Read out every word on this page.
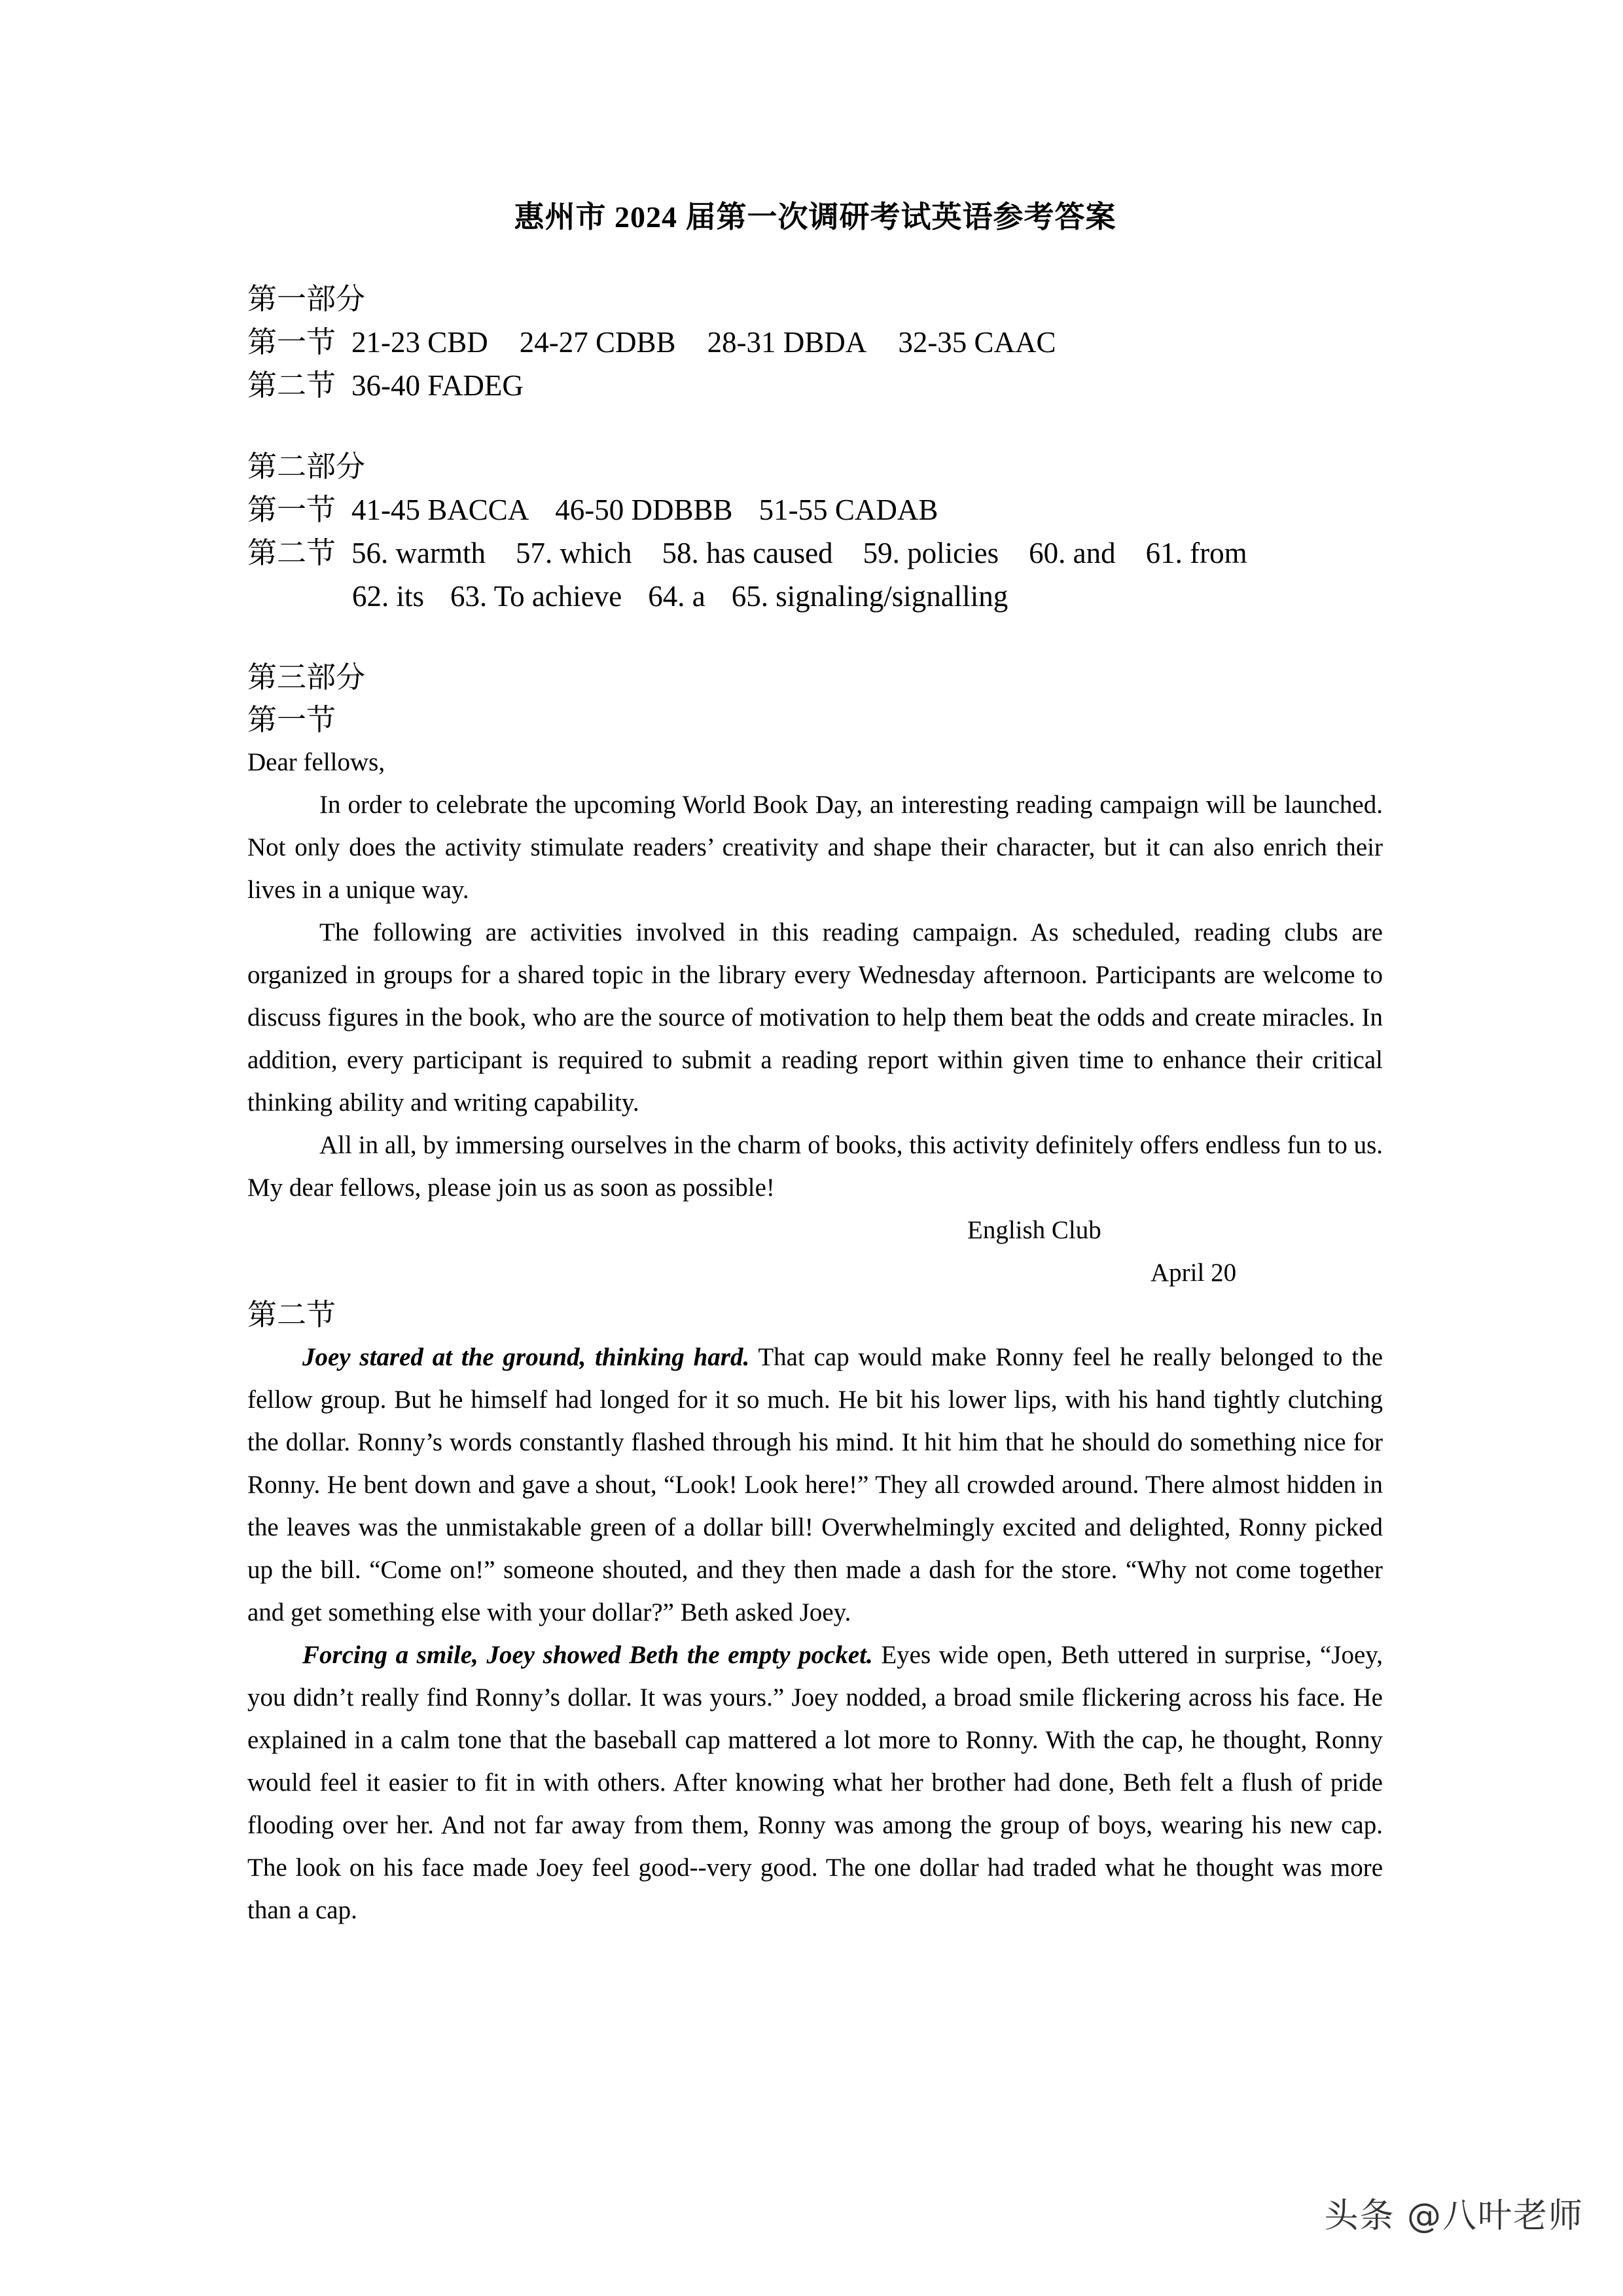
惠州市 2024 届第一次调研考试英语参考答案

第一部分

第一节 21-23 CBD 24-27 CDBB 28-31 DBDA 32-35 CAAC

第二节 36-40 FADEG

第二部分

第一节 41-45 BACCA 46-50 DDBBB 51-55 CADAB

第二节 56. warmth 57. which 58. has caused 59. policies 60. and 61. from

62. its 63. To achieve 64. a 65. signaling/signalling

第三部分

第一节

Dear fellows,

In order to celebrate the upcoming World Book Day, an interesting reading campaign will be launched. Not only does the activity stimulate readers’ creativity and shape their character, but it can also enrich their lives in a unique way.

The following are activities involved in this reading campaign. As scheduled, reading clubs are organized in groups for a shared topic in the library every Wednesday afternoon. Participants are welcome to discuss figures in the book, who are the source of motivation to help them beat the odds and create miracles. In addition, every participant is required to submit a reading report within given time to enhance their critical thinking ability and writing capability.

All in all, by immersing ourselves in the charm of books, this activity definitely offers endless fun to us. My dear fellows, please join us as soon as possible!

English Club

April 20

第二节

Joey stared at the ground, thinking hard. That cap would make Ronny feel he really belonged to the fellow group. But he himself had longed for it so much. He bit his lower lips, with his hand tightly clutching the dollar. Ronny’s words constantly flashed through his mind. It hit him that he should do something nice for Ronny. He bent down and gave a shout, “Look! Look here!” They all crowded around. There almost hidden in the leaves was the unmistakable green of a dollar bill! Overwhelmingly excited and delighted, Ronny picked up the bill. “Come on!” someone shouted, and they then made a dash for the store. “Why not come together and get something else with your dollar?” Beth asked Joey.

Forcing a smile, Joey showed Beth the empty pocket. Eyes wide open, Beth uttered in surprise, “Joey, you didn’t really find Ronny’s dollar. It was yours.” Joey nodded, a broad smile flickering across his face. He explained in a calm tone that the baseball cap mattered a lot more to Ronny. With the cap, he thought, Ronny would feel it easier to fit in with others. After knowing what her brother had done, Beth felt a flush of pride flooding over her. And not far away from them, Ronny was among the group of boys, wearing his new cap. The look on his face made Joey feel good--very good. The one dollar had traded what he thought was more than a cap.

头条 @八叶老师
